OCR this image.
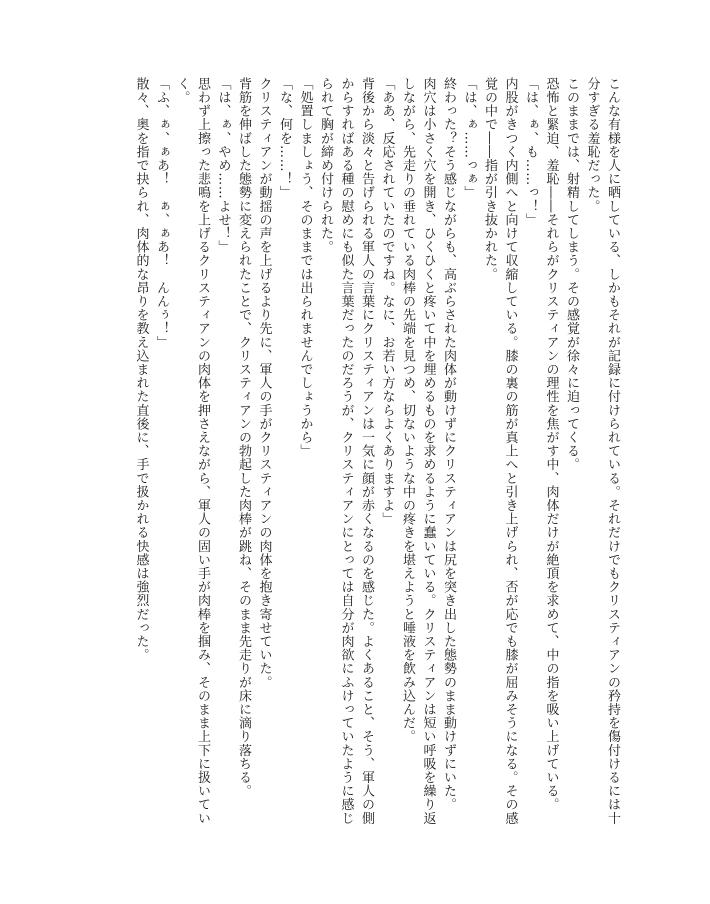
こんな有様を人に晒している、しかもそれが記録に付けられている。それだけでもクリスティアンの矜持を傷付けるには十分すぎる羞恥だった。

このままでは、射精してしまう。その感覚が徐々に迫ってくる。

恐怖と緊迫、羞恥――それらがクリスティアンの理性を焦がす中、肉体だけが絶頂を求めて、中の指を吸い上げている。

「は、ぁ、も……っ！」

内股がきつく内側へと向けて収縮している。膝の裏の筋が真上へと引き上げられ、否が応でも膝が屈みそうになる。その感覚の中で――指が引き抜かれた。

「は、ぁ……っぁ」

終わった？そう感じながらも、高ぶらされた肉体が動けずにクリスティアンは尻を突き出した態勢のまま動けずにいた。

肉穴は小さく穴を開き、ひくひくと疼いて中を埋めるものを求めるように蠢いている。クリスティアンは短い呼吸を繰り返しながら、先走りの垂れている肉棒の先端を見つめ、切ないような中の疼きを堪えようと唾液を飲み込んだ。

「ああ、反応されていたのですね。なに、お若い方ならよくありますよ」

背後から淡々と告げられる軍人の言葉にクリスティアンは一気に顔が赤くなるのを感じた。よくあること、そう、軍人の側からすればある種の慰めにも似た言葉だったのだろうが、クリスティアンにとっては自分が肉欲にふけっていたように感じられて胸が締め付けられた。

「処置しましょう、そのままでは出られませんでしょうから」

「な、何を……！」

クリスティアンが動揺の声を上げるより先に、軍人の手がクリスティアンの肉体を抱き寄せていた。

背筋を伸ばした態勢に変えられたことで、クリスティアンの勃起した肉棒が跳ね、そのまま先走りが床に滴り落ちる。

「は、ぁ、やめ……よせ！」

思わず上擦った悲鳴を上げるクリスティアンの肉体を押さえながら、軍人の固い手が肉棒を掴み、そのまま上下に扱いていく。

「ふ、ぁ、ぁあ！　ぁ、ぁあ！　んんぅ！」

散々、奥を指で抉られ、肉体的な昂りを教え込まれた直後に、手で扱かれる快感は強烈だった。
